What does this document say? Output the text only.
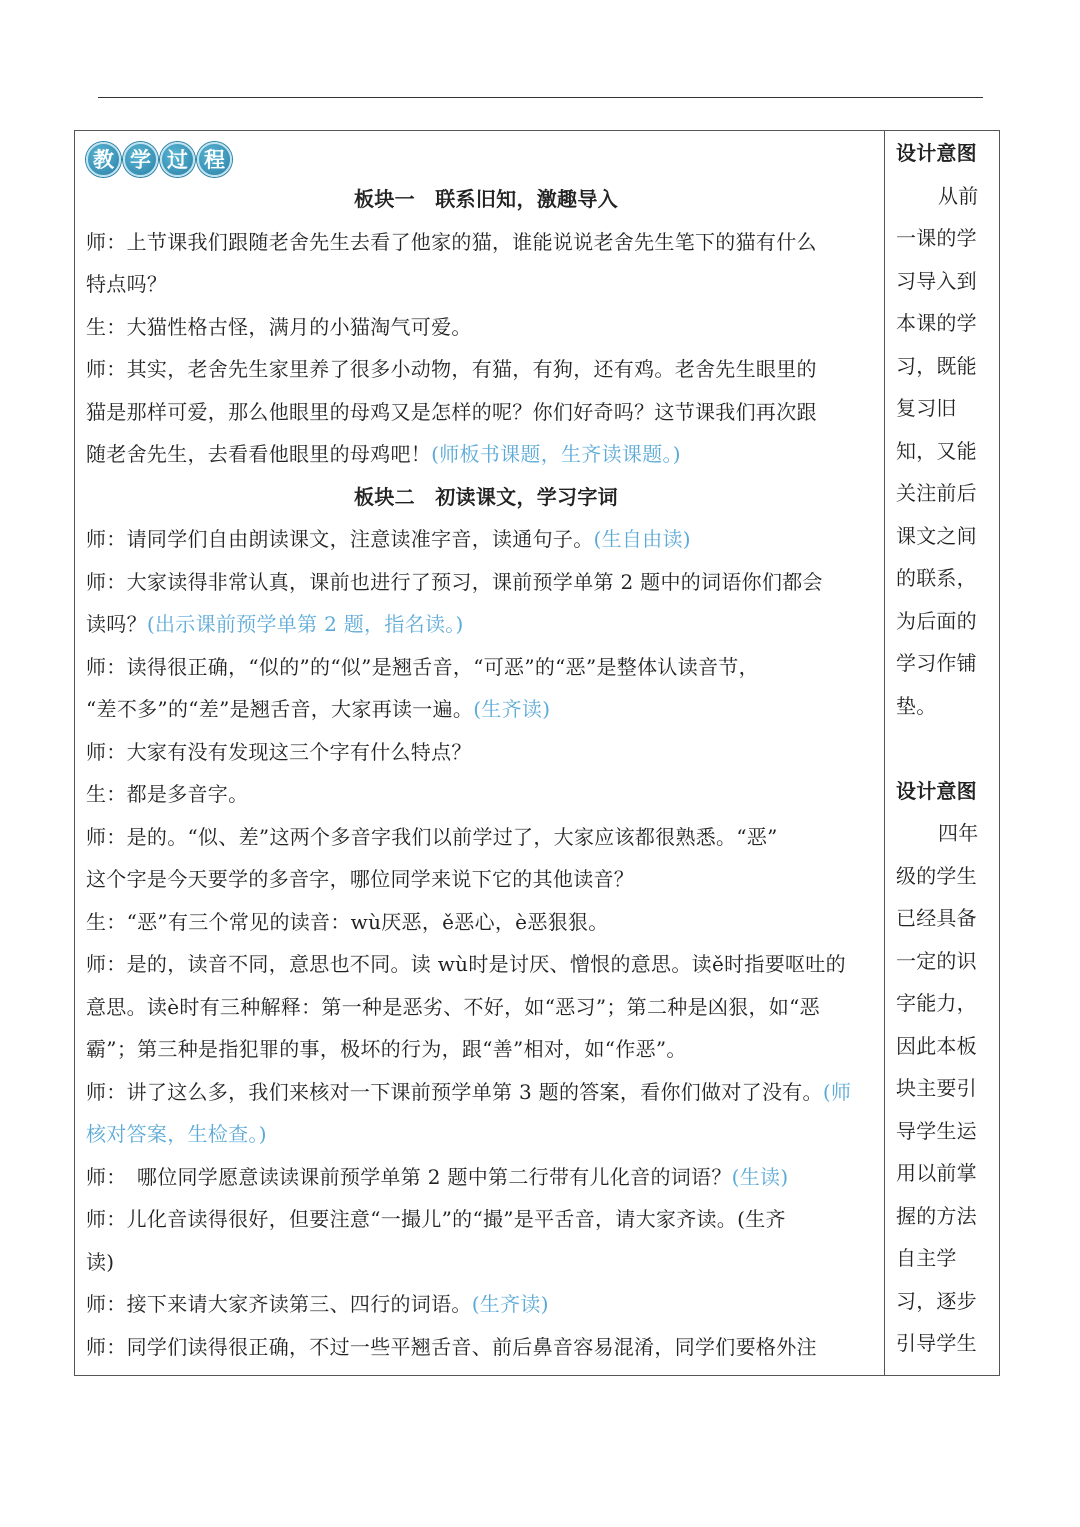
教 学 过 程
板块一　联系旧知，激趣导入
师：上节课我们跟随老舍先生去看了他家的猫，谁能说说老舍先生笔下的猫有什么
特点吗？
生：大猫性格古怪，满月的小猫淘气可爱。
师：其实，老舍先生家里养了很多小动物，有猫，有狗，还有鸡。老舍先生眼里的
猫是那样可爱，那么他眼里的母鸡又是怎样的呢？你们好奇吗？这节课我们再次跟
随老舍先生，去看看他眼里的母鸡吧！(师板书课题，生齐读课题。)
板块二　初读课文，学习字词
师：请同学们自由朗读课文，注意读准字音，读通句子。(生自由读)
师：大家读得非常认真，课前也进行了预习，课前预学单第 2 题中的词语你们都会
读吗？(出示课前预学单第 2 题，指名读。)
师：读得很正确，“似的”的“似”是翘舌音，“可恶”的“恶”是整体认读音节，
“差不多”的“差”是翘舌音，大家再读一遍。(生齐读)
师：大家有没有发现这三个字有什么特点？
生：都是多音字。
师：是的。“似、差”这两个多音字我们以前学过了，大家应该都很熟悉。“恶”
这个字是今天要学的多音字，哪位同学来说下它的其他读音？
生：“恶”有三个常见的读音：wù厌恶，ě恶心，è恶狠狠。
师：是的，读音不同，意思也不同。读 wù时是讨厌、憎恨的意思。读ě时指要呕吐的
意思。读è时有三种解释：第一种是恶劣、不好，如“恶习”；第二种是凶狠，如“恶
霸”；第三种是指犯罪的事，极坏的行为，跟“善”相对，如“作恶”。
师：讲了这么多，我们来核对一下课前预学单第 3 题的答案，看你们做对了没有。(师
核对答案，生检查。)
师：　哪位同学愿意读读课前预学单第 2 题中第二行带有儿化音的词语？(生读)
师：儿化音读得很好，但要注意“一撮儿”的“撮”是平舌音，请大家齐读。(生齐
读)
师：接下来请大家齐读第三、四行的词语。(生齐读)
师：同学们读得很正确，不过一些平翘舌音、前后鼻音容易混淆，同学们要格外注
设计意图
从前
一课的学
习导入到
本课的学
习，既能
复习旧
知，又能
关注前后
课文之间
的联系，
为后面的
学习作铺
垫。
设计意图
四年
级的学生
已经具备
一定的识
字能力，
因此本板
块主要引
导学生运
用以前掌
握的方法
自主学
习，逐步
引导学生
